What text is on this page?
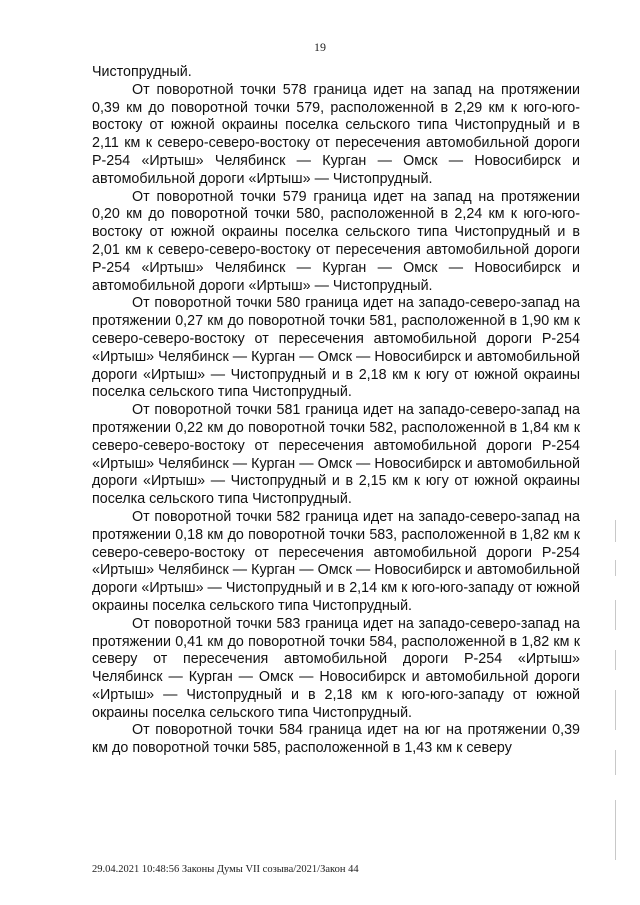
19

Чистопрудный.

От поворотной точки 578 граница идет на запад на протяжении 0,39 км до поворотной точки 579, расположенной в 2,29 км к юго-юго-востоку от южной окраины поселка сельского типа Чистопрудный и в 2,11 км к северо-северо-востоку от пересечения автомобильной дороги Р-254 «Иртыш» Челябинск — Курган — Омск — Новосибирск и автомобильной дороги «Иртыш» — Чистопрудный.

От поворотной точки 579 граница идет на запад на протяжении 0,20 км до поворотной точки 580, расположенной в 2,24 км к юго-юго-востоку от южной окраины поселка сельского типа Чистопрудный и в 2,01 км к северо-северо-востоку от пересечения автомобильной дороги Р-254 «Иртыш» Челябинск — Курган — Омск — Новосибирск и автомобильной дороги «Иртыш» — Чистопрудный.

От поворотной точки 580 граница идет на западо-северо-запад на протяжении 0,27 км до поворотной точки 581, расположенной в 1,90 км к северо-северо-востоку от пересечения автомобильной дороги Р-254 «Иртыш» Челябинск — Курган — Омск — Новосибирск и автомобильной дороги «Иртыш» — Чистопрудный и в 2,18 км к югу от южной окраины поселка сельского типа Чистопрудный.

От поворотной точки 581 граница идет на западо-северо-запад на протяжении 0,22 км до поворотной точки 582, расположенной в 1,84 км к северо-северо-востоку от пересечения автомобильной дороги Р-254 «Иртыш» Челябинск — Курган — Омск — Новосибирск и автомобильной дороги «Иртыш» — Чистопрудный и в 2,15 км к югу от южной окраины поселка сельского типа Чистопрудный.

От поворотной точки 582 граница идет на западо-северо-запад на протяжении 0,18 км до поворотной точки 583, расположенной в 1,82 км к северо-северо-востоку от пересечения автомобильной дороги Р-254 «Иртыш» Челябинск — Курган — Омск — Новосибирск и автомобильной дороги «Иртыш» — Чистопрудный и в 2,14 км к юго-юго-западу от южной окраины поселка сельского типа Чистопрудный.

От поворотной точки 583 граница идет на западо-северо-запад на протяжении 0,41 км до поворотной точки 584, расположенной в 1,82 км к северу от пересечения автомобильной дороги Р-254 «Иртыш» Челябинск — Курган — Омск — Новосибирск и автомобильной дороги «Иртыш» — Чистопрудный и в 2,18 км к юго-юго-западу от южной окраины поселка сельского типа Чистопрудный.

От поворотной точки 584 граница идет на юг на протяжении 0,39 км до поворотной точки 585, расположенной в 1,43 км к северу

29.04.2021 10:48:56 Законы Думы VII созыва/2021/Закон 44
